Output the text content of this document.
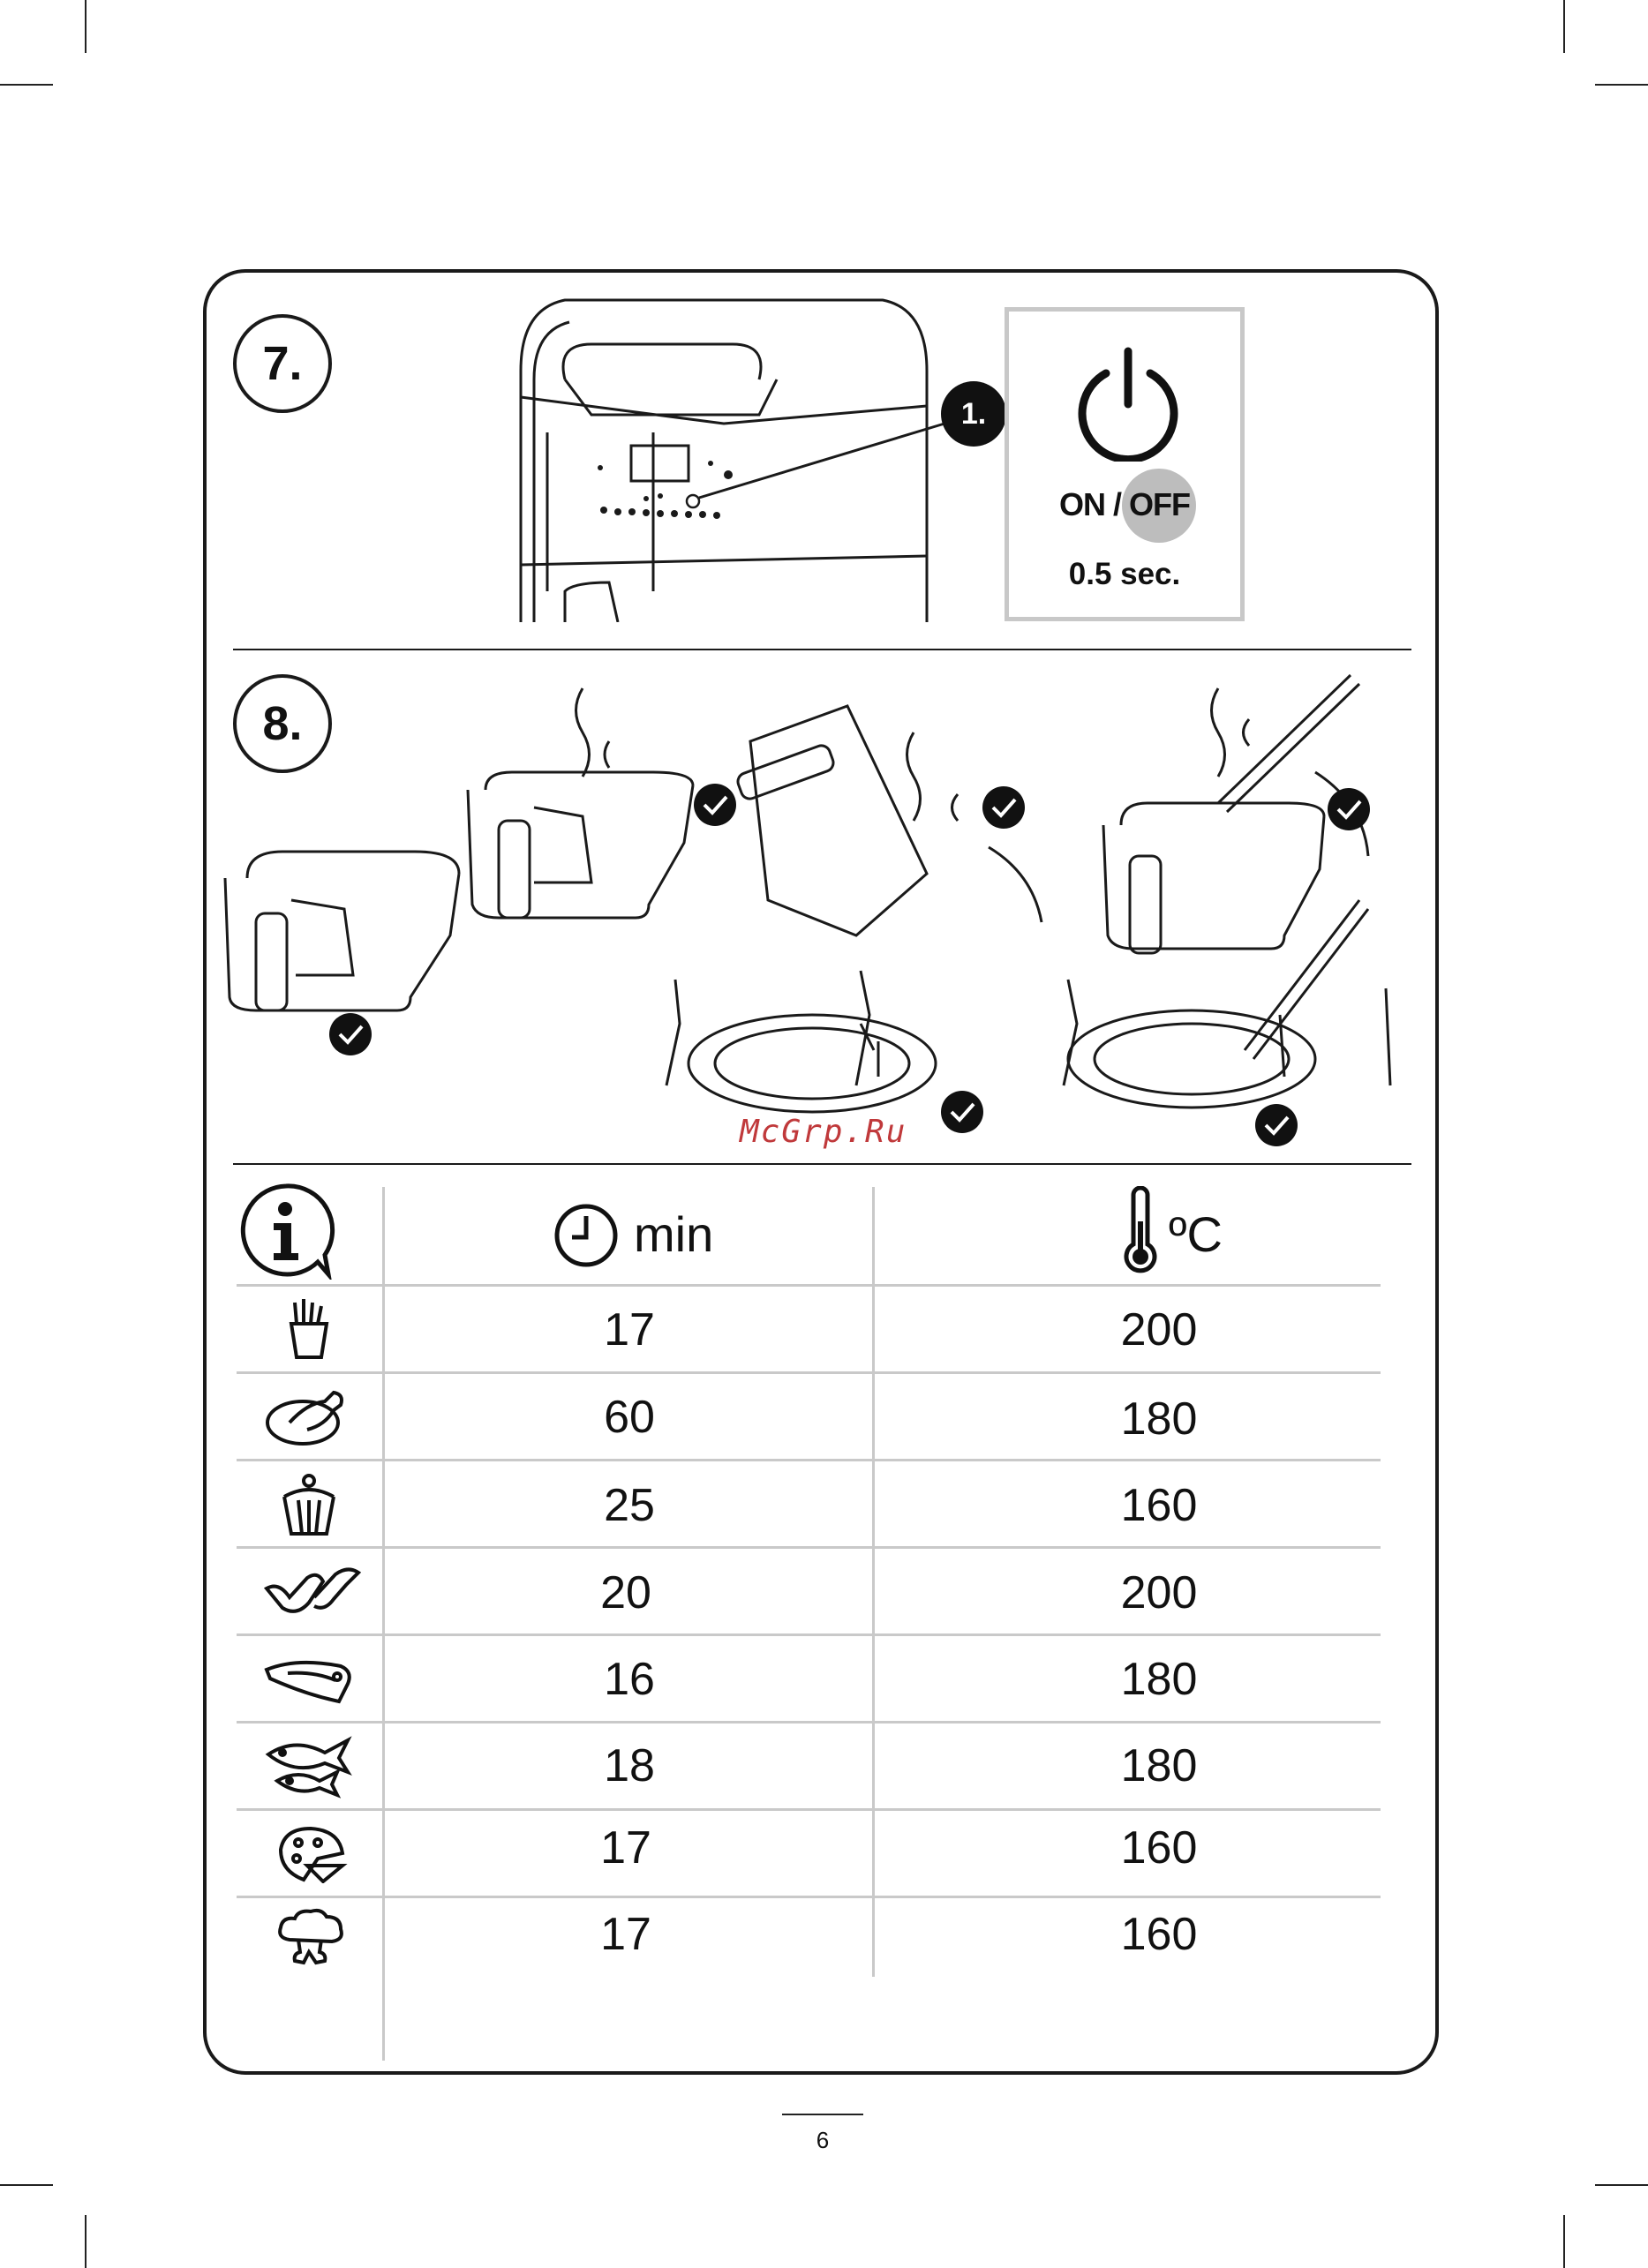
7.
1.
ON / OFF
0.5 sec.
8.
McGrp.Ru
min	ºC
17	200
60	180
25	160
20	200
16	180
18	180
17	160
17	160
6
